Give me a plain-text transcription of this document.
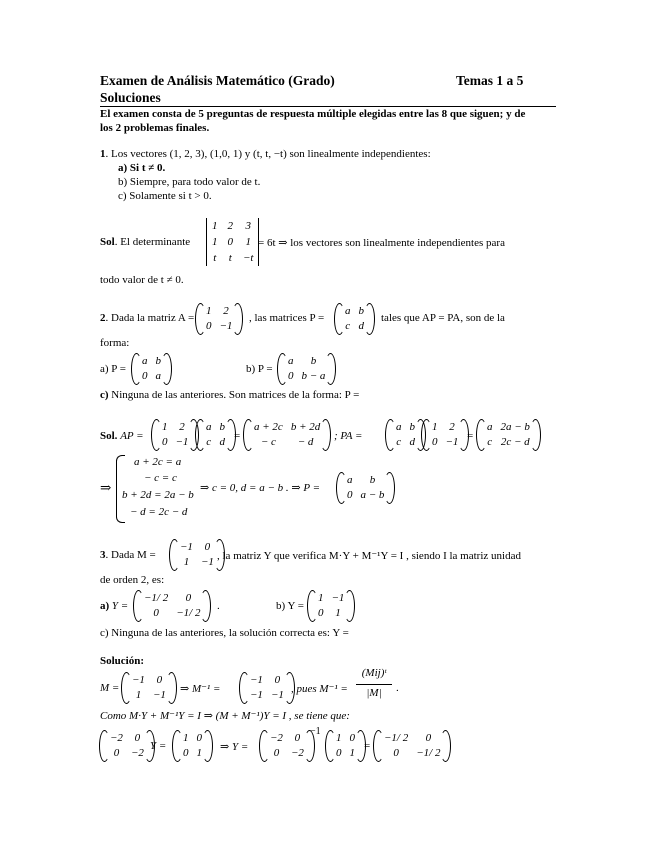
Examen de Análisis Matemático (Grado)	Temas 1 a 5
Soluciones
El examen consta de 5 preguntas de respuesta múltiple elegidas entre las 8 que siguen; y de
los 2 problemas finales.
1. Los vectores (1, 2, 3), (1,0, 1) y (t, t, −t) son linealmente independientes:
a) Si t ≠ 0.
b) Siempre, para todo valor de t.
c) Solamente si t > 0.
Sol. El determinante
1	2	3
1	0	1
t	t	−t
= 6t ⇒ los vectores son linealmente independientes para
todo valor de t ≠ 0.
2. Dada la matriz A =
1	2
0	−1
, las matrices P =
a	b
c	d
tales que AP = PA, son de la
forma:
a) P =
a	b
0	a
b) P =
a	b
0	b − a
c) Ninguna de las anteriores. Son matrices de la forma: P =
Sol. AP =
1	2
0	−1
a	b
c	d =
a + 2c	b + 2d
− c	− d ; PA =
a	b
c	d
1	2
0	−1 =
a	2a − b
c	2c − d
⇒
a + 2c = a
− c = c
b + 2d = 2a − b
− d = 2c − d
⇒ c = 0, d = a − b . ⇒ P =
a	b
0	a − b
3. Dada M =
−1	0
1	−1 , la matriz Y que verifica M·Y + M⁻¹Y = I , siendo I la matriz unidad
de orden 2, es:
a) Y =
−1/ 2	0
0	−1/ 2
.	b) Y =
1	−1
0	1
c) Ninguna de las anteriores, la solución correcta es: Y =
Solución:
M =
−1	0
1	−1 ⇒ M⁻¹ =
−1	0
−1	−1 , pues M⁻¹ =
(Mij)ᵗ
|M|	.
Como M·Y + M⁻¹Y = I ⇒ (M + M⁻¹)Y = I , se tiene que:
−2	0
0	−2
Y =
1	0
0	1 ⇒ Y =
−2	0
0	−2
−1
1	0
0	1
=
−1/ 2	0
0	−1/ 2
